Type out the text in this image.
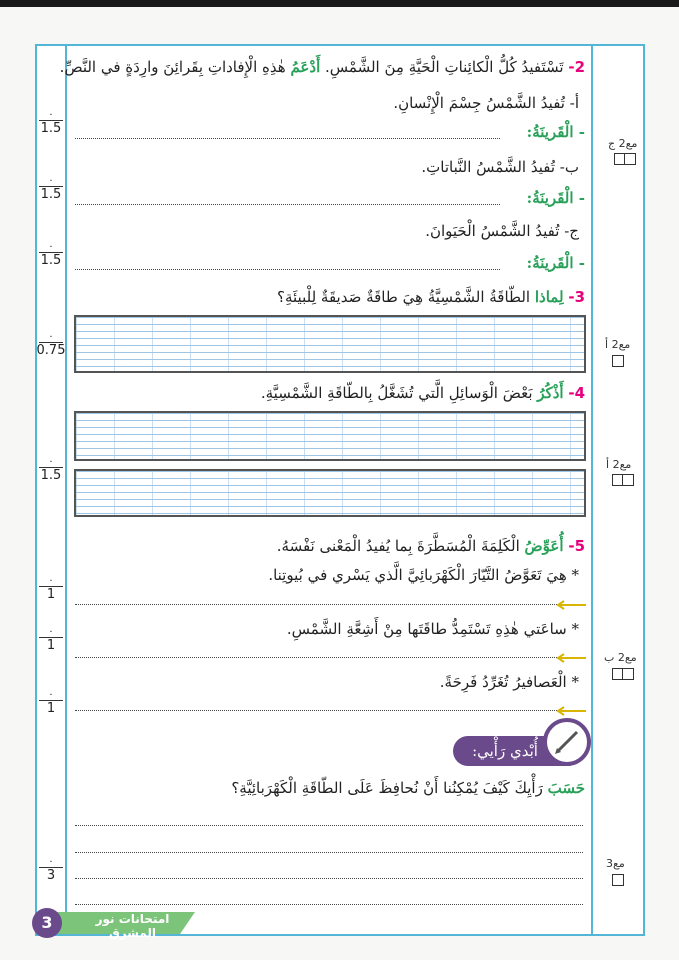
2- تَسْتَفيدُ كُلُّ الْكائِناتِ الْحَيَّةِ مِنَ الشَّمْسِ. أَدْعَمُ هٰذِهِ الْإِفاداتِ بِقَرائِنَ وارِدَةٍ في النَّصِّ.
أ- تُفيدُ الشَّمْسُ جِسْمَ الْإِنْسانِ.
- الْقَرينَةُ:
ب- تُفيدُ الشَّمْسُ النَّباتاتِ.
- الْقَرينَةُ:
ج- تُفيدُ الشَّمْسُ الْحَيَوانَ.
- الْقَرينَةُ:
.
1.5
.
1.5
.
1.5
مع2 ج
3- لِماذا الطّاقَةُ الشَّمْسِيَّةُ هِيَ طاقَةٌ صَديقَةٌ لِلْبيئَةِ؟
.
0.75	مع2 أ
4- أَذْكُرُ بَعْضَ الْوَسائِلِ الَّتي تُشَغَّلُ بِالطّاقَةِ الشَّمْسِيَّةِ.
.
1.5
مع2 أ
5- أُعَوِّضُ الْكَلِمَةَ الْمُسَطَّرَةَ بِما يُفيدُ الْمَعْنى نَفْسَهُ.
* هِيَ تَعَوَّضُ التَّيّارَ الْكَهْرَبائِيَّ الَّذي يَسْري في بُيوتِنا.
* ساعَتي هٰذِهِ تَسْتَمِدُّ طاقَتَها مِنْ أَشِعَّةِ الشَّمْسِ.
* الْعَصافيرُ تُغَرِّدُ فَرِحَةً.
.
1
.
1
.
1
مع2 ب
أُبْدي رَأْيي:
حَسَبَ رَأْيِكَ كَيْفَ يُمْكِنُنا أَنْ نُحافِظَ عَلَى الطّاقَةِ الْكَهْرَبائِيَّةِ؟
.
3
مع3
3	امتحانات نور المشرق
